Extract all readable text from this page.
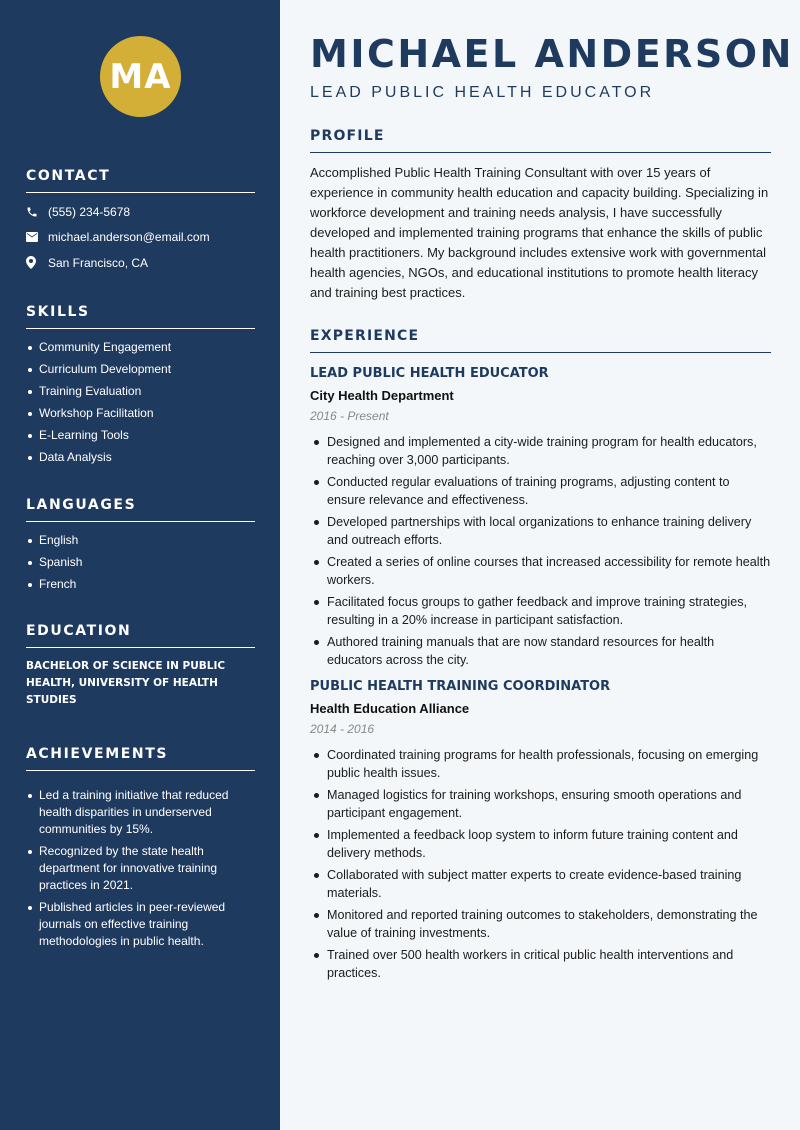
MA
CONTACT
(555) 234-5678
michael.anderson@email.com
San Francisco, CA
SKILLS
Community Engagement
Curriculum Development
Training Evaluation
Workshop Facilitation
E-Learning Tools
Data Analysis
LANGUAGES
English
Spanish
French
EDUCATION
BACHELOR OF SCIENCE IN PUBLIC HEALTH, UNIVERSITY OF HEALTH STUDIES
ACHIEVEMENTS
Led a training initiative that reduced health disparities in underserved communities by 15%.
Recognized by the state health department for innovative training practices in 2021.
Published articles in peer-reviewed journals on effective training methodologies in public health.
MICHAEL ANDERSON
LEAD PUBLIC HEALTH EDUCATOR
PROFILE

Accomplished Public Health Training Consultant with over 15 years of experience in community health education and capacity building. Specializing in workforce development and training needs analysis, I have successfully developed and implemented training programs that enhance the skills of public health practitioners. My background includes extensive work with governmental health agencies, NGOs, and educational institutions to promote health literacy and training best practices.

EXPERIENCE
LEAD PUBLIC HEALTH EDUCATOR
City Health Department
2016 - Present
Designed and implemented a city-wide training program for health educators, reaching over 3,000 participants.
Conducted regular evaluations of training programs, adjusting content to ensure relevance and effectiveness.
Developed partnerships with local organizations to enhance training delivery and outreach efforts.
Created a series of online courses that increased accessibility for remote health workers.
Facilitated focus groups to gather feedback and improve training strategies, resulting in a 20% increase in participant satisfaction.
Authored training manuals that are now standard resources for health educators across the city.
PUBLIC HEALTH TRAINING COORDINATOR
Health Education Alliance
2014 - 2016
Coordinated training programs for health professionals, focusing on emerging public health issues.
Managed logistics for training workshops, ensuring smooth operations and participant engagement.
Implemented a feedback loop system to inform future training content and delivery methods.
Collaborated with subject matter experts to create evidence-based training materials.
Monitored and reported training outcomes to stakeholders, demonstrating the value of training investments.
Trained over 500 health workers in critical public health interventions and practices.
